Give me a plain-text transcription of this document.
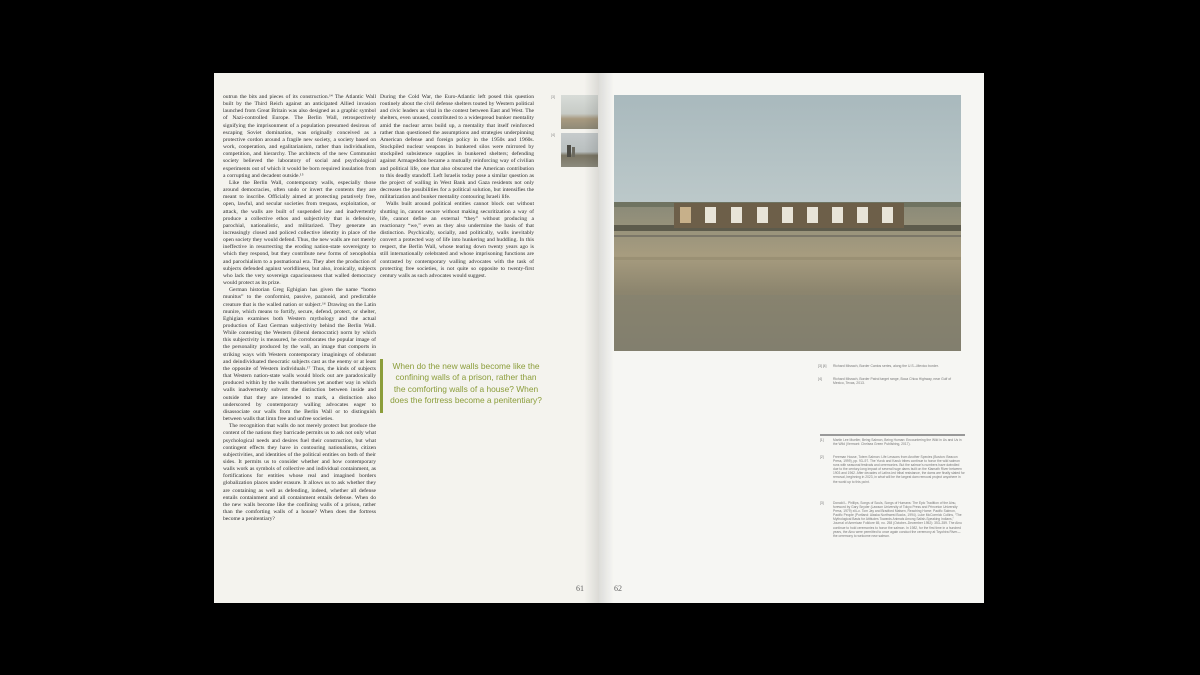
outrun the bits and pieces of its construction.¹⁴ The Atlantic Wall built by the Third Reich against an anticipated Allied invasion launched from Great Britain was also designed as a graphic symbol of Nazi-controlled Europe. The Berlin Wall, retrospectively signifying the imprisonment of a population presumed desirous of escaping Soviet domination, was originally conceived as a protective cordon around a fragile new society, a society based on work, cooperation, and egalitarianism, rather than individualism, competition, and hierarchy. The architects of the new Communist society believed the laboratory of social and psychological experiments out of which it would be born required insulation from a corrupting and decadent outside.¹⁵

Like the Berlin Wall, contemporary walls, especially those around democracies, often undo or invert the contents they are meant to inscribe. Officially aimed at protecting putatively free, open, lawful, and secular societies from trespass, exploitation, or attack, the walls are built of suspended law and inadvertently produce a collective ethos and subjectivity that is defensive, parochial, nationalistic, and militarized. They generate an increasingly closed and policed collective identity in place of the open society they would defend. Thus, the new walls are not merely ineffective in resurrecting the eroding nation-state sovereignty to which they respond, but they contribute new forms of xenophobia and parochialism to a postnational era. They abet the production of subjects defended against worldliness, but also, ironically, subjects who lack the very sovereign capaciousness that walled democracy would protect as its prize.

German historian Greg Eghigian has given the name “homo munitus” to the conformist, passive, paranoid, and predictable creature that is the walled nation or subject.¹⁶ Drawing on the Latin munire, which means to fortify, secure, defend, protect, or shelter, Eghigian examines both Western mythology and the actual production of East German subjectivity behind the Berlin Wall. While contesting the Western (liberal democratic) norm by which this subjectivity is measured, he corroborates the popular image of the personality produced by the wall, an image that comports in striking ways with Western contemporary imaginings of obdurant and deindividuated theocratic subjects cast as the enemy or at least the opposite of Western individuals.¹⁷ Thus, the kinds of subjects that Western nation-state walls would block out are paradoxically produced within by the walls themselves yet another way in which walls inadvertently subvert the distinction between inside and outside that they are intended to mark, a distinction also underscored by contemporary walling advocates eager to disassociate our walls from the Berlin Wall or to distinguish between walls that limn free and unfree societies.

The recognition that walls do not merely protect but produce the content of the nations they barricade permits us to ask not only what psychological needs and desires fuel their construction, but what contingent effects they have in contouring nationalisms, citizen subjectivities, and identities of the political entities on both of their sides. It permits us to consider whether and how contemporary walls work as symbols of collective and individual containment, as fortifications for entities whose real and imagined borders globalization places under erasure. It allows us to ask whether they are containing as well as defending, indeed, whether all defense entails containment and all containment entails defense. When do the new walls become like the confining walls of a prison, rather than the comforting walls of a house? When does the fortress become a penitentiary?

During the Cold War, the Euro-Atlantic left posed this question routinely about the civil defense shelters touted by Western political and civic leaders as vital in the contest between East and West. The shelters, even unused, contributed to a widespread bunker mentality amid the nuclear arms build up, a mentality that itself reinforced rather than questioned the assumptions and strategies underpinning American defense and foreign policy in the 1950s and 1960s. Stockpiled nuclear weapons in bunkered silos were mirrored by stockpiled subsistence supplies in bunkered shelters; defending against Armageddon became a mutually reinforcing way of civilian and political life, one that also obscured the American contribution to this deadly standoff. Left Israelis today pose a similar question as the project of walling in West Bank and Gaza residents not only decreases the possibilities for a political solution, but intensifies the militarization and bunker mentality contouring Israeli life.

Walls built around political entities cannot block out without shutting in, cannot secure without making securitization a way of life, cannot define an external “they” without producing a reactionary “we,” even as they also undermine the basis of that distinction. Psychically, socially, and politically, walls inevitably convert a protected way of life into hunkering and huddling. In this respect, the Berlin Wall, whose tearing down twenty years ago is still internationally celebrated and whose imprisoning functions are contrasted by contemporary walling advocates with the task of protecting free societies, is not quite so opposite to twenty-first century walls as such advocates would suggest.

When do the new walls become like the confining walls of a prison, rather than the comforting walls of a house? When does the fortress become a penitentiary?
[3]
[4]
61
[3] [4]	Richard Misrach, Border Cantos series, along the U.S.–Mexico border.
[4]	Richard Misrach, Border Patrol target range, Boca Chica Highway, near Gulf of Mexico, Texas, 2013.
[1]	Martin Lee Mueller, Being Salmon, Being Human: Encountering the Wild in Us and Us in the Wild (Vermont: Chelsea Green Publishing, 2017).
[2]	Freeman House, Totem Salmon: Life Lessons from Another Species (Boston: Beacon Press, 1999), pp. 93–97. The Yurok and Karuk tribes continue to honor the wild salmon runs with seasonal festivals and ceremonies. But the salmon's numbers have dwindled due to the century-long impact of several huge dams built on the Klamath River between 1903 and 1962. After decades of Latinx-led tribal resistance, the dams are finally slated for removal, beginning in 2023, in what will be the largest dam removal project anywhere in the world up to this point.
[3]	Donald L. Phillips, Songs of Souls, Songs of Humans: The Epic Tradition of the Ainu, foreword by Gary Snyder (Lawson University of Tokyo Press and Princeton University Press, 1979) xiii–x. Tom Jay and Bradford Matsen, Reaching Home: Pacific Salmon, Pacific People (Portland: Alaska Northwest Books, 1994). Luke McCormick Collins, “The Mythological Basis for Attitudes Towards Animals Among Salish-Speaking Indians,” Journal of American Folklore 65, no. 258 (October–December 1952): 353–359. The Ainu continue to hold ceremonies to honor the salmon. In 1982, for the first time in a hundred years, the Ainu were permitted to once again conduct the ceremony at Toyohira River—the ceremony to welcome new salmon.
62
